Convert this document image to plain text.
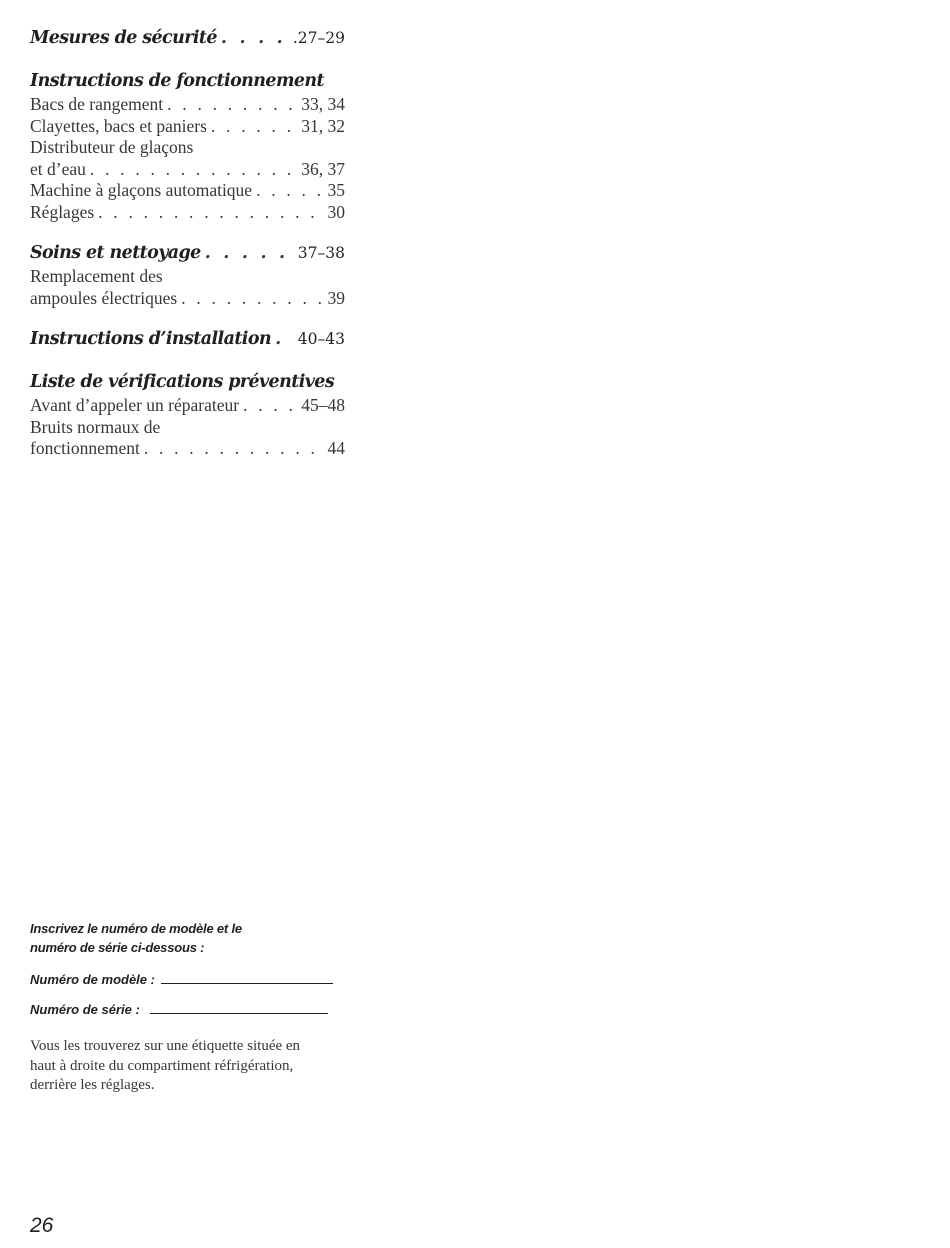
Mesures de sécurité . . .	.27–29
Instructions de fonctionnement
Bacs de rangement . . .	33, 34
Clayettes, bacs et paniers . . .	31, 32
Distributeur de glaçons
et d’eau . . .	36, 37
Machine à glaçons automatique . . .	35
Réglages . . .	30
Soins et nettoyage . . .	37–38
Remplacement des
ampoules électriques . . .	39
Instructions d’installation . . . 40–43
Liste de vérifications préventives
Avant d’appeler un réparateur . . .	45–48
Bruits normaux de
fonctionnement . . .	44
Inscrivez le numéro de modèle et le
numéro de série ci-dessous :
Numéro de modèle :
Numéro de série :
Vous les trouverez sur une étiquette située en
haut à droite du compartiment réfrigération,
derrière les réglages.
26
